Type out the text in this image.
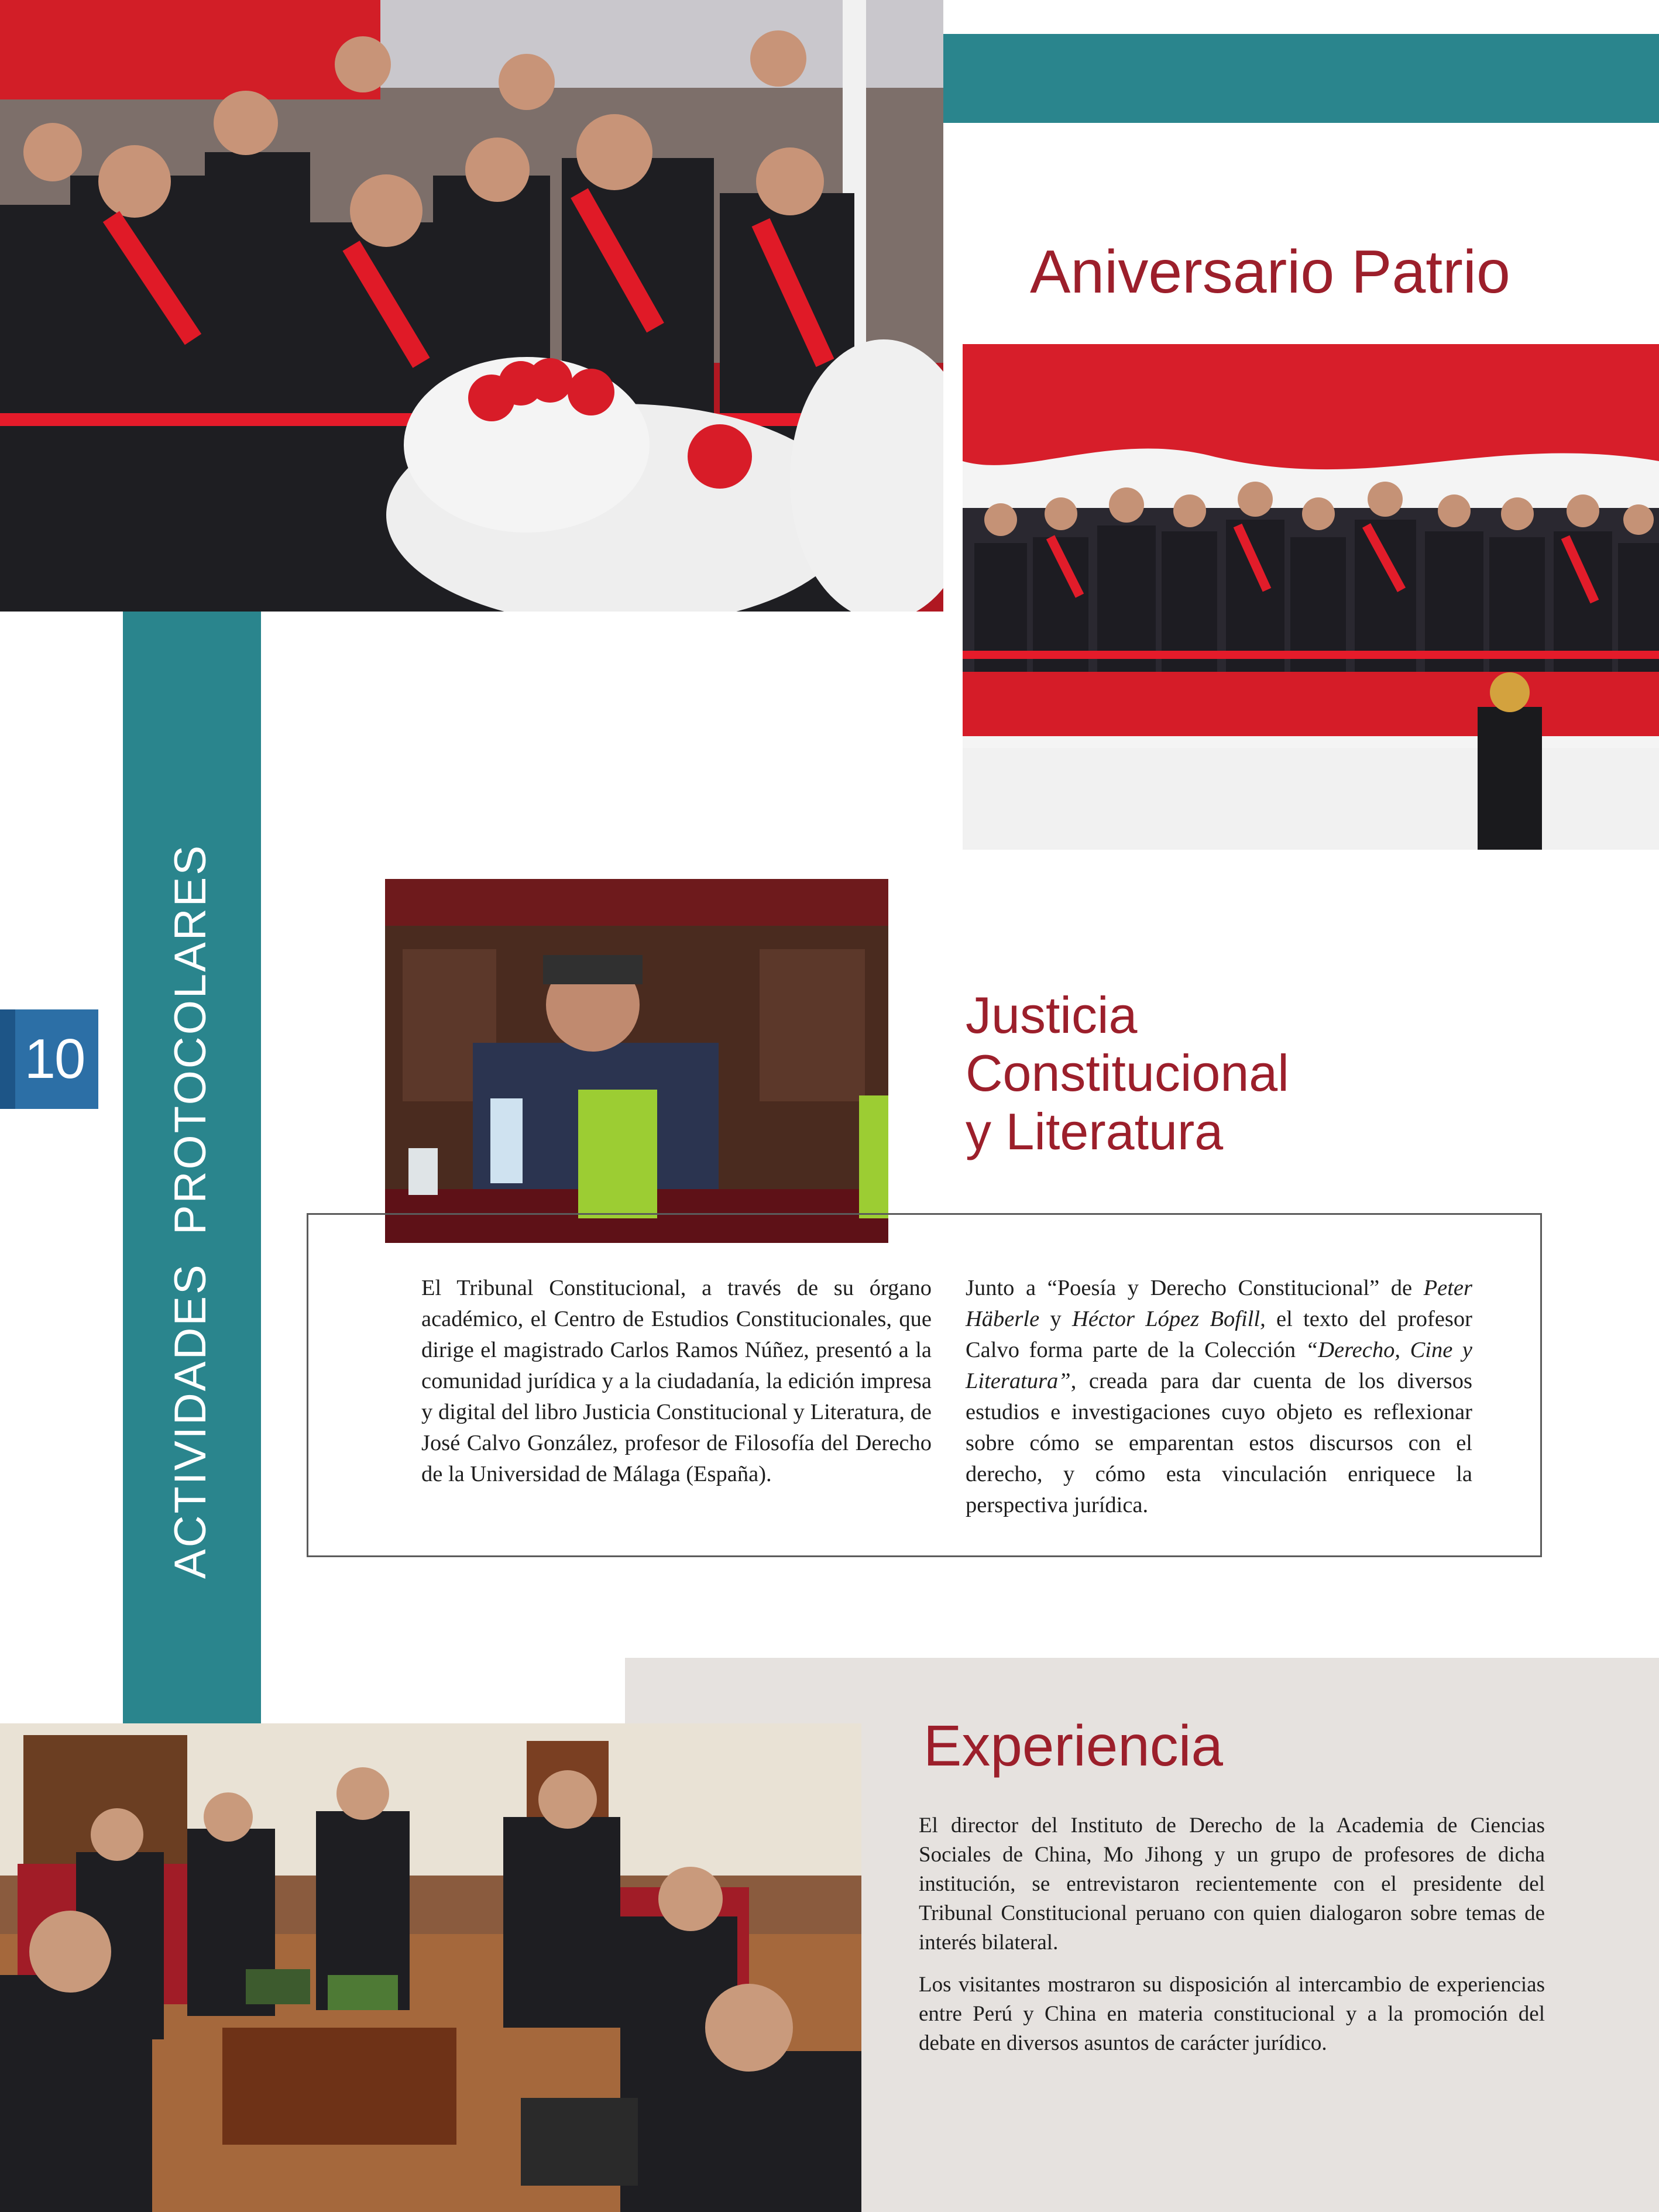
10 ACTIVIDADES  PROTOCOLARES
Aniversario Patrio
Justicia
Constitucional
y Literatura
Experiencia

El Tribunal Constitucional, a través de su órgano académico, el Centro de Estudios Constitucionales, que dirige el magistrado Carlos Ramos Núñez, presentó a la comunidad jurídica y a la ciudadanía, la edición impresa y digital del libro Justicia Constitucional y Literatura, de José Calvo González, profesor de Filosofía del Derecho de la Universidad de Málaga (España).

Junto a “Poesía y Derecho Constitucional” de Peter Häberle y Héctor López Bofill, el texto del profesor Calvo forma parte de la Colección “Derecho, Cine y Literatura”, creada para dar cuenta de los diversos estudios e investigaciones cuyo objeto es reflexionar sobre cómo se emparentan estos discursos con el derecho, y cómo esta vinculación enriquece la perspectiva jurídica.

El director del Instituto de Derecho de la Academia de Ciencias Sociales de China, Mo Jihong y un grupo de profesores de dicha institución, se entrevistaron recientemente con el presidente del Tribunal Constitucional peruano con quien dialogaron sobre temas de interés bilateral.

Los visitantes mostraron su disposición al intercambio de experiencias entre Perú y China en materia constitucional y a la promoción del debate en diversos asuntos de carácter jurídico.
